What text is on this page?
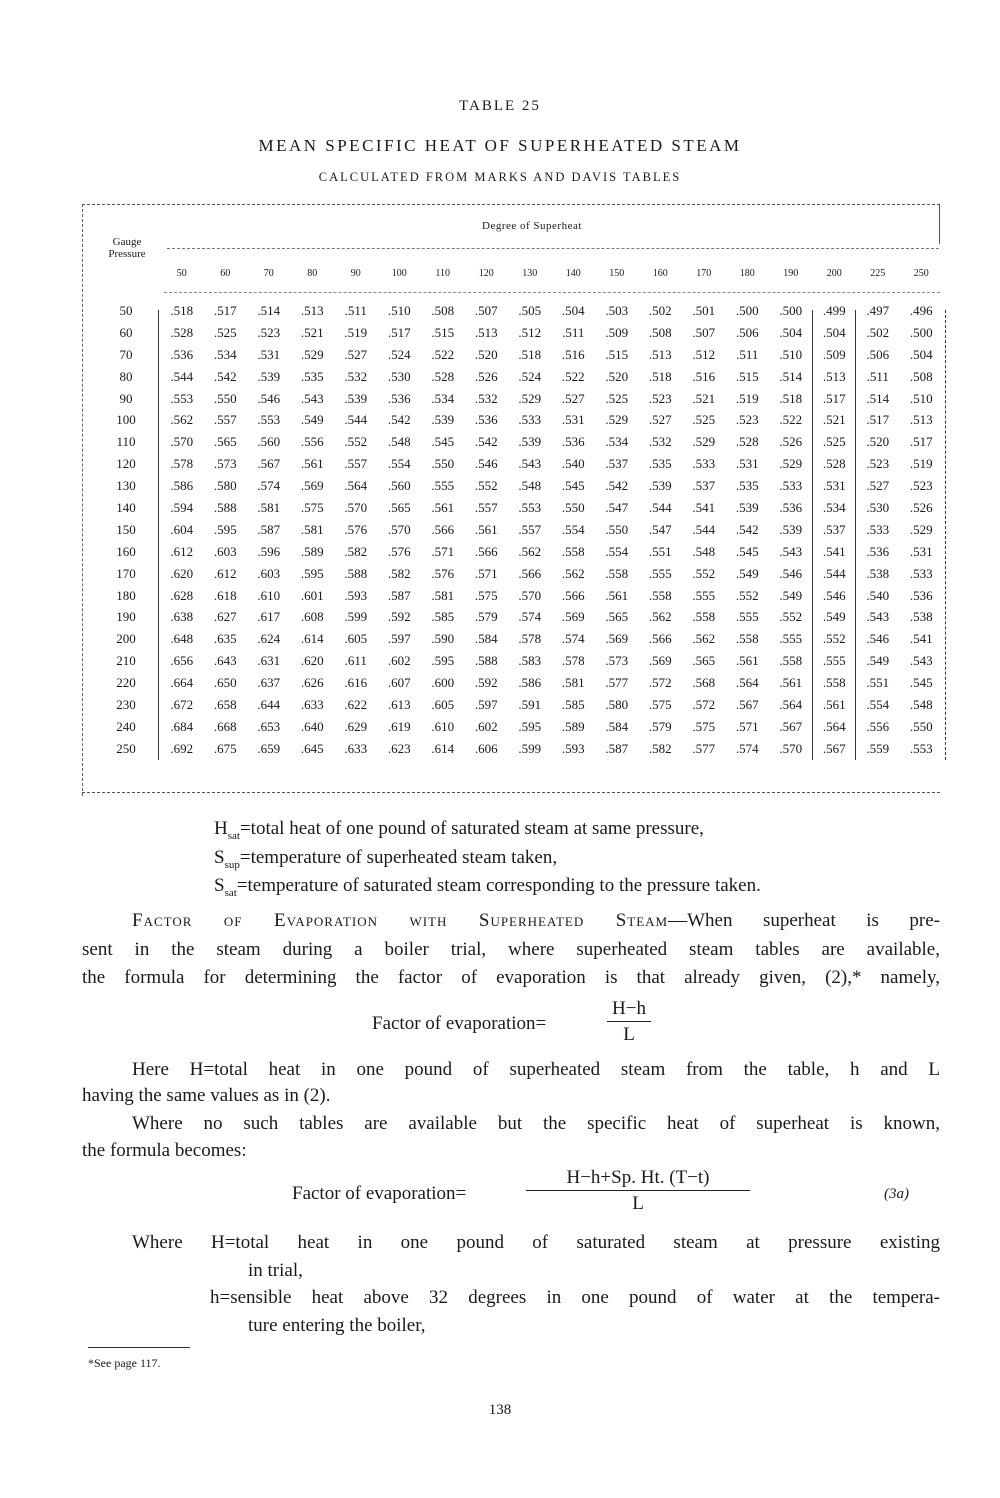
TABLE 25
MEAN SPECIFIC HEAT OF SUPERHEATED STEAM
CALCULATED FROM MARKS AND DAVIS TABLES
Degree of Superheat
Gauge
Pressure
	50	60	70	80	90	100	110	120	130	140	150	160	170	180	190	200	225	250
50	.518	.517	.514	.513	.511	.510	.508	.507	.505	.504	.503	.502	.501	.500	.500	.499	.497	.496
60	.528	.525	.523	.521	.519	.517	.515	.513	.512	.511	.509	.508	.507	.506	.504	.504	.502	.500
70	.536	.534	.531	.529	.527	.524	.522	.520	.518	.516	.515	.513	.512	.511	.510	.509	.506	.504
80	.544	.542	.539	.535	.532	.530	.528	.526	.524	.522	.520	.518	.516	.515	.514	.513	.511	.508
90	.553	.550	.546	.543	.539	.536	.534	.532	.529	.527	.525	.523	.521	.519	.518	.517	.514	.510
100	.562	.557	.553	.549	.544	.542	.539	.536	.533	.531	.529	.527	.525	.523	.522	.521	.517	.513
110	.570	.565	.560	.556	.552	.548	.545	.542	.539	.536	.534	.532	.529	.528	.526	.525	.520	.517
120	.578	.573	.567	.561	.557	.554	.550	.546	.543	.540	.537	.535	.533	.531	.529	.528	.523	.519
130	.586	.580	.574	.569	.564	.560	.555	.552	.548	.545	.542	.539	.537	.535	.533	.531	.527	.523
140	.594	.588	.581	.575	.570	.565	.561	.557	.553	.550	.547	.544	.541	.539	.536	.534	.530	.526
150	.604	.595	.587	.581	.576	.570	.566	.561	.557	.554	.550	.547	.544	.542	.539	.537	.533	.529
160	.612	.603	.596	.589	.582	.576	.571	.566	.562	.558	.554	.551	.548	.545	.543	.541	.536	.531
170	.620	.612	.603	.595	.588	.582	.576	.571	.566	.562	.558	.555	.552	.549	.546	.544	.538	.533
180	.628	.618	.610	.601	.593	.587	.581	.575	.570	.566	.561	.558	.555	.552	.549	.546	.540	.536
190	.638	.627	.617	.608	.599	.592	.585	.579	.574	.569	.565	.562	.558	.555	.552	.549	.543	.538
200	.648	.635	.624	.614	.605	.597	.590	.584	.578	.574	.569	.566	.562	.558	.555	.552	.546	.541
210	.656	.643	.631	.620	.611	.602	.595	.588	.583	.578	.573	.569	.565	.561	.558	.555	.549	.543
220	.664	.650	.637	.626	.616	.607	.600	.592	.586	.581	.577	.572	.568	.564	.561	.558	.551	.545
230	.672	.658	.644	.633	.622	.613	.605	.597	.591	.585	.580	.575	.572	.567	.564	.561	.554	.548
240	.684	.668	.653	.640	.629	.619	.610	.602	.595	.589	.584	.579	.575	.571	.567	.564	.556	.550
250	.692	.675	.659	.645	.633	.623	.614	.606	.599	.593	.587	.582	.577	.574	.570	.567	.559	.553
$H_{sat}=total$ heat of one pound of saturated steam at same pressure,
$S_{sup}=temperature$ of superheated steam taken,
$S_{sat}=temperature$ of saturated steam corresponding to the pressure taken.
Factor of Evaporation with Superheated Steam—When superheat is pre-
sent in the steam during a boiler trial, where superheated steam tables are available,
the formula for determining the factor of evaporation is that already given, (2),* namely,
Factor of evaporation=	$\frac{H-h}{L}$
Here H=total heat in one pound of superheated steam from the table, h and L
having the same values as in (2).
Where no such tables are available but the specific heat of superheat is known,
the formula becomes:
Factor of evaporation=	$\frac{H-h+Sp. Ht. (T-t)}{L}$	(3a)
Where H=total heat in one pound of saturated steam at pressure existing
in trial,
h=sensible heat above 32 degrees in one pound of water at the tempera-
ture entering the boiler,
*See page 117.
138
